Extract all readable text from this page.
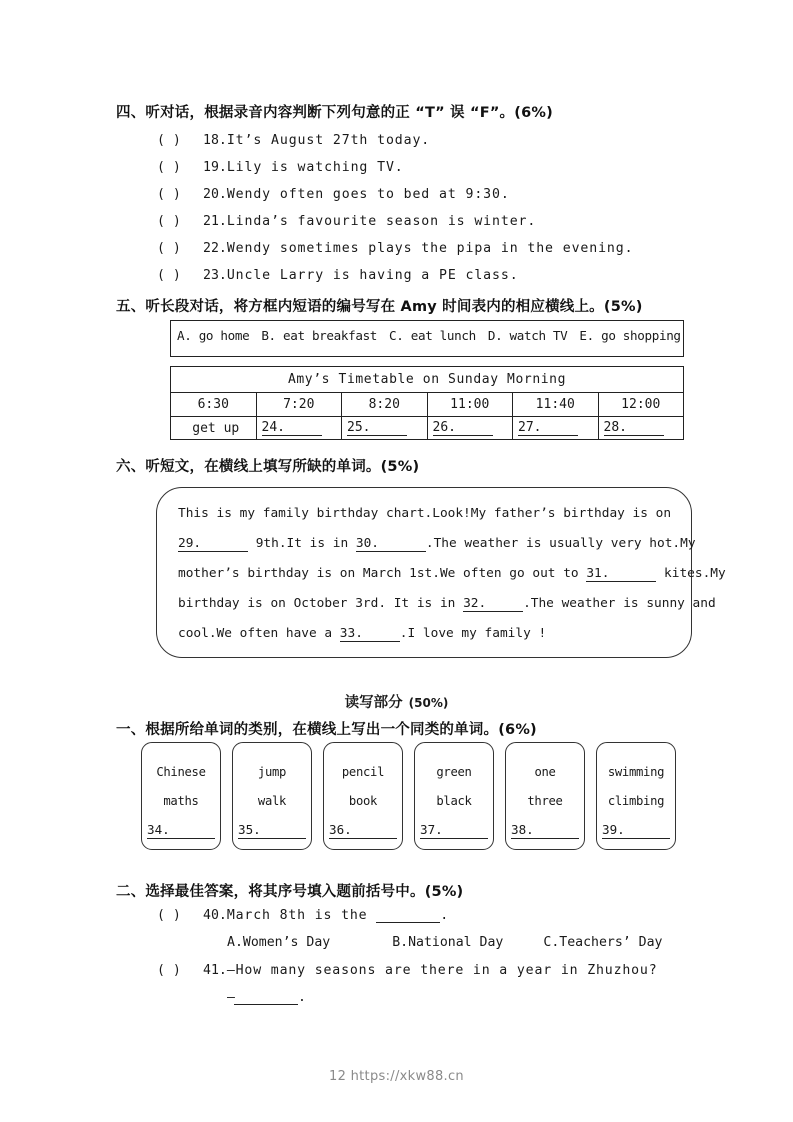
四、听对话，根据录音内容判断下列句意的正 “T” 误 “F”。(6%)
( ) 18.It’s August 27th today.
( ) 19.Lily is watching TV.
( ) 20.Wendy often goes to bed at 9:30.
( ) 21.Linda’s favourite season is winter.
( ) 22.Wendy sometimes plays the pipa in the evening.
( ) 23.Uncle Larry is having a PE class.
五、听长段对话，将方框内短语的编号写在 Amy 时间表内的相应横线上。(5%)
A. go home B. eat breakfast C. eat lunch D. watch TV E. go shopping
Amy’s Timetable on Sunday Morning					
6:30	7:20	8:20	11:00	11:40	12:00
get up	24.	25.	26.	27.	28.
六、听短文，在横线上填写所缺的单词。(5%)
This is my family birthday chart.Look!My father’s birthday is on
29.	9th.It is in 30.	.The weather is usually very hot.My
mother’s birthday is on March 1st.We often go out to 31.	kites.My
birthday is on October 3rd. It is in 32.	.The weather is sunny and
cool.We often have a 33.	.I love my family !
读写部分 (50%)
一、根据所给单词的类别，在横线上写出一个同类的单词。(6%)
Chinese
maths
34.
jump
walk
35.
pencil
book
36.
green
black
37.
one
three
38.
swimming
climbing
39.
二、选择最佳答案，将其序号填入题前括号中。(5%)
( ) 40.March 8th is the	.
A.Women’s Day	B.National Day	C.Teachers’ Day
( ) 41.—How many seasons are there in a year in Zhuzhou?
—	.
12 https://xkw88.cn
